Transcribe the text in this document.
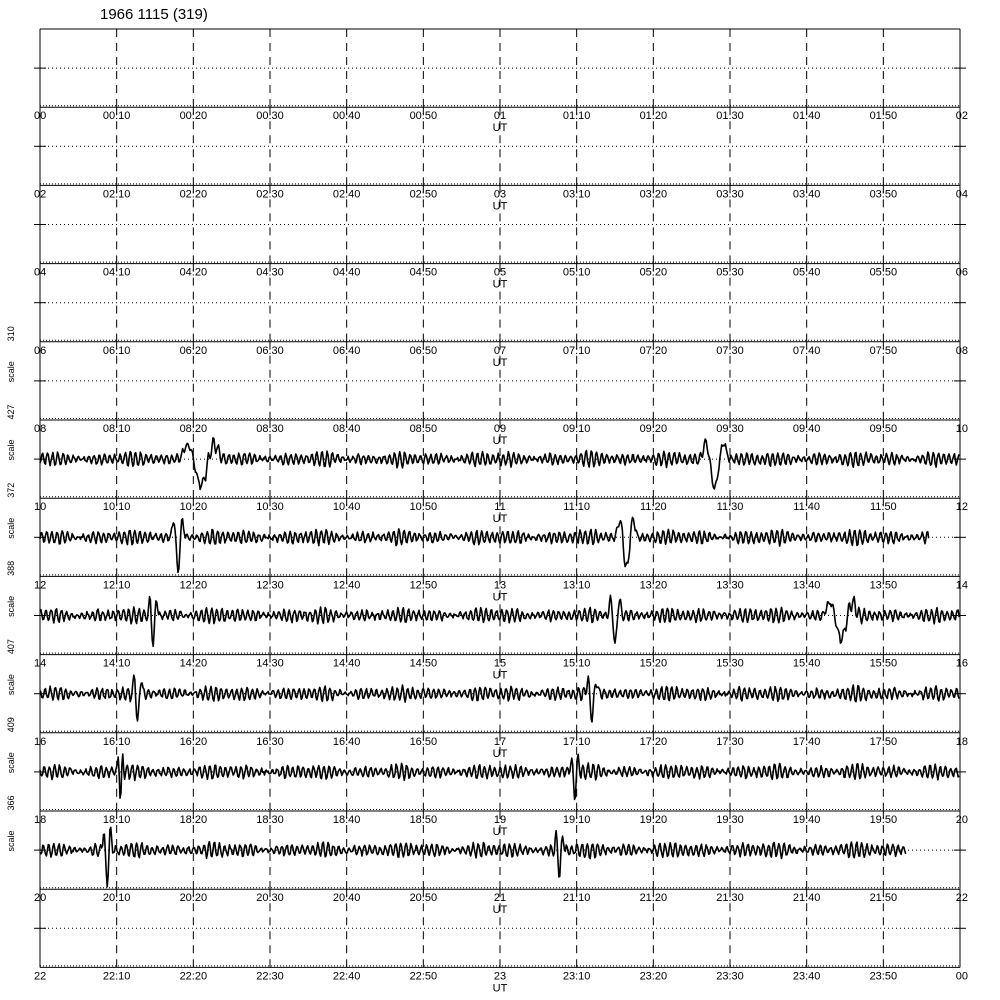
1966 1115 (319)
00	00:10	00:20	00:30	00:40	00:50	01	01:10	01:20	01:30	01:40	01:50	02
UT
02	02:10	02:20	02:30	02:40	02:50	03	03:10	03:20	03:30	03:40	03:50	04
UT
04	04:10	04:20	04:30	04:40	04:50	05	05:10	05:20	05:30	05:40	05:50	06
UT
06	06:10	06:20	06:30	06:40	06:50	07	07:10	07:20	07:30	07:40	07:50	08
UT
08	08:10	08:20	08:30	08:40	08:50	09	09:10	09:20	09:30	09:40	09:50	10
UT
scale
310
10	10:10	10:20	10:30	10:40	10:50	11	11:10	11:20	11:30	11:40	11:50	12
UT
scale
427
12	12:10	12:20	12:30	12:40	12:50	13	13:10	13:20	13:30	13:40	13:50	14
UT
scale
372
14	14:10	14:20	14:30	14:40	14:50	15	15:10	15:20	15:30	15:40	15:50	16
UT
scale
388
16	16:10	16:20	16:30	16:40	16:50	17	17:10	17:20	17:30	17:40	17:50	18
UT
scale
407
18	18:10	18:20	18:30	18:40	18:50	19	19:10	19:20	19:30	19:40	19:50	20
UT
scale
409
20	20:10	20:20	20:30	20:40	20:50	21	21:10	21:20	21:30	21:40	21:50	22
UT
scale
366
22	22:10	22:20	22:30	22:40	22:50	23	23:10	23:20	23:30	23:40	23:50	00
UT
